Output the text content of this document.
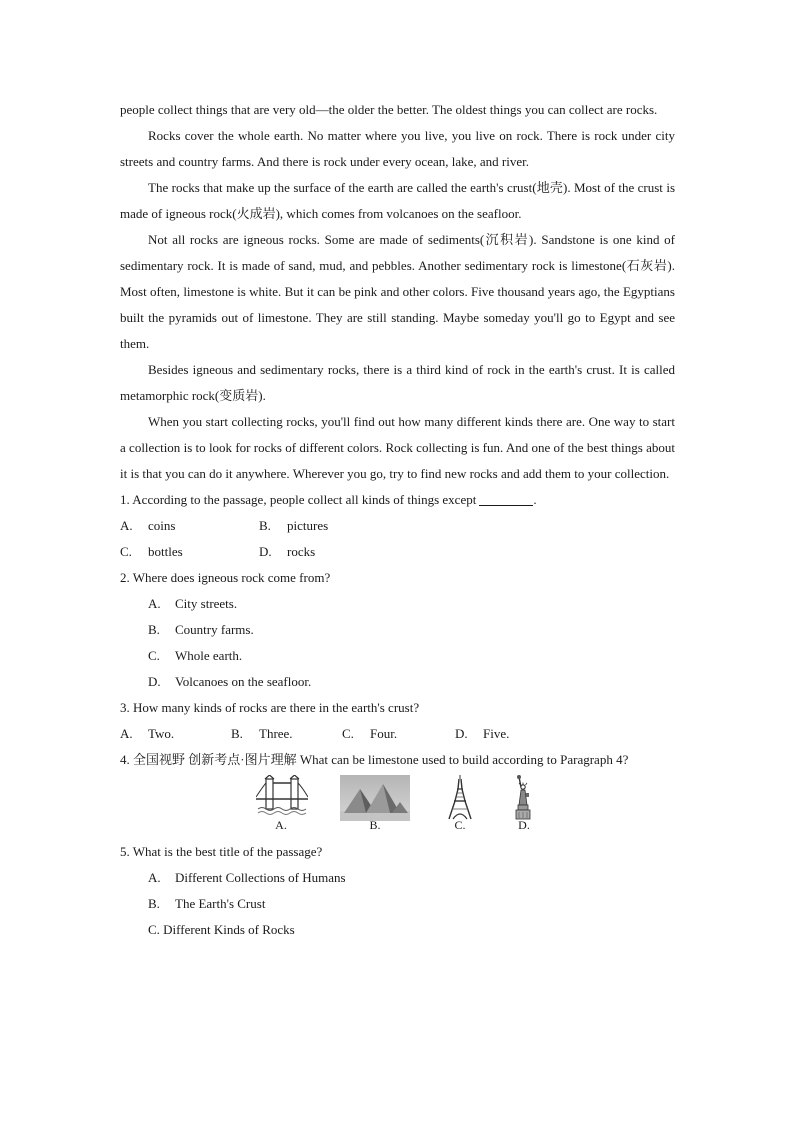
people collect things that are very old—the older the better. The oldest things you can collect are rocks.

Rocks cover the whole earth. No matter where you live, you live on rock. There is rock under city streets and country farms. And there is rock under every ocean, lake, and river.

The rocks that make up the surface of the earth are called the earth's crust(地壳). Most of the crust is made of igneous rock(火成岩), which comes from volcanoes on the seafloor.

Not all rocks are igneous rocks. Some are made of sediments(沉积岩). Sandstone is one kind of sedimentary rock. It is made of sand, mud, and pebbles. Another sedimentary rock is limestone(石灰岩). Most often, limestone is white. But it can be pink and other colors. Five thousand years ago, the Egyptians built the pyramids out of limestone. They are still standing. Maybe someday you'll go to Egypt and see them.

Besides igneous and sedimentary rocks, there is a third kind of rock in the earth's crust. It is called metamorphic rock(变质岩).

When you start collecting rocks, you'll find out how many different kinds there are. One way to start a collection is to look for rocks of different colors. Rock collecting is fun. And one of the best things about it is that you can do it anywhere. Wherever you go, try to find new rocks and add them to your collection.

1. According to the passage, people collect all kinds of things except	.

A. coins	B. pictures
C. bottles	D. rocks

2. Where does igneous rock come from?

A. City streets.
B. Country farms.
C. Whole earth.
D. Volcanoes on the seafloor.

3. How many kinds of rocks are there in the earth's crust?

A. Two.	B. Three.	C. Four.	D. Five.

4. 全国视野 创新考点·图片理解 What can be limestone used to build according to Paragraph 4?

A.	B.	C.	D.

5. What is the best title of the passage?

A. Different Collections of Humans
B. The Earth's Crust
C. Different Kinds of Rocks
